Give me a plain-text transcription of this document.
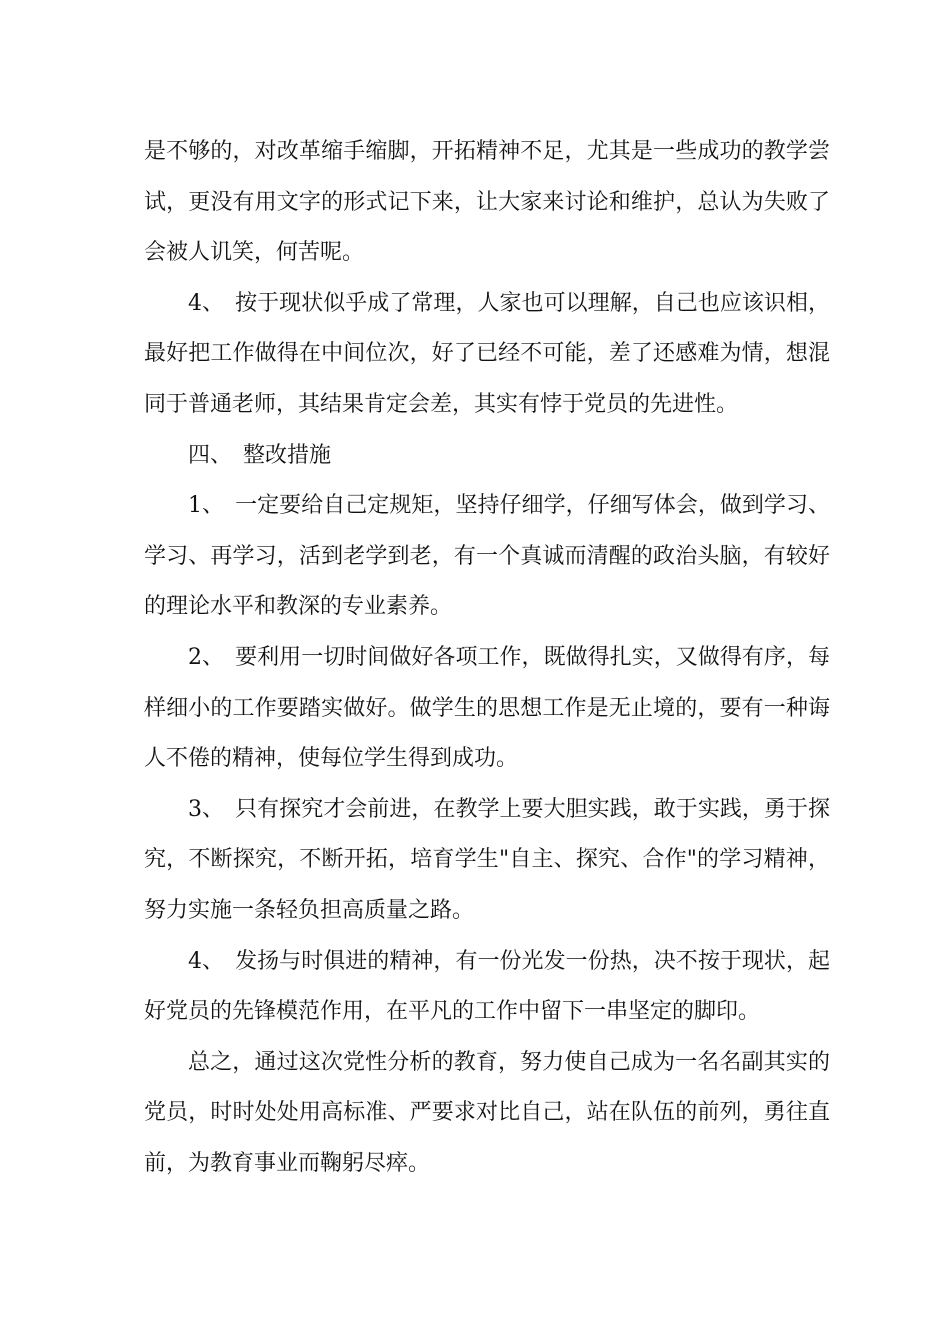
是不够的，对改革缩手缩脚，开拓精神不足，尤其是一些成功的教学尝试，更没有用文字的形式记下来，让大家来讨论和维护，总认为失败了会被人讥笑，何苦呢。

4、　按于现状似乎成了常理，人家也可以理解，自己也应该识相，最好把工作做得在中间位次，好了已经不可能，差了还感难为情，想混同于普通老师，其结果肯定会差，其实有悖于党员的先进性。

四、　整改措施

1、　一定要给自己定规矩，坚持仔细学，仔细写体会，做到学习、学习、再学习，活到老学到老，有一个真诚而清醒的政治头脑，有较好的理论水平和教深的专业素养。

2、　要利用一切时间做好各项工作，既做得扎实，又做得有序，每样细小的工作要踏实做好。做学生的思想工作是无止境的，要有一种诲人不倦的精神，使每位学生得到成功。

3、　只有探究才会前进，在教学上要大胆实践，敢于实践，勇于探究，不断探究，不断开拓，培育学生"自主、探究、合作"的学习精神，努力实施一条轻负担高质量之路。

4、　发扬与时俱进的精神，有一份光发一份热，决不按于现状，起好党员的先锋模范作用，在平凡的工作中留下一串坚定的脚印。

总之，通过这次党性分析的教育，努力使自己成为一名名副其实的党员，时时处处用高标准、严要求对比自己，站在队伍的前列，勇往直前，为教育事业而鞠躬尽瘁。
